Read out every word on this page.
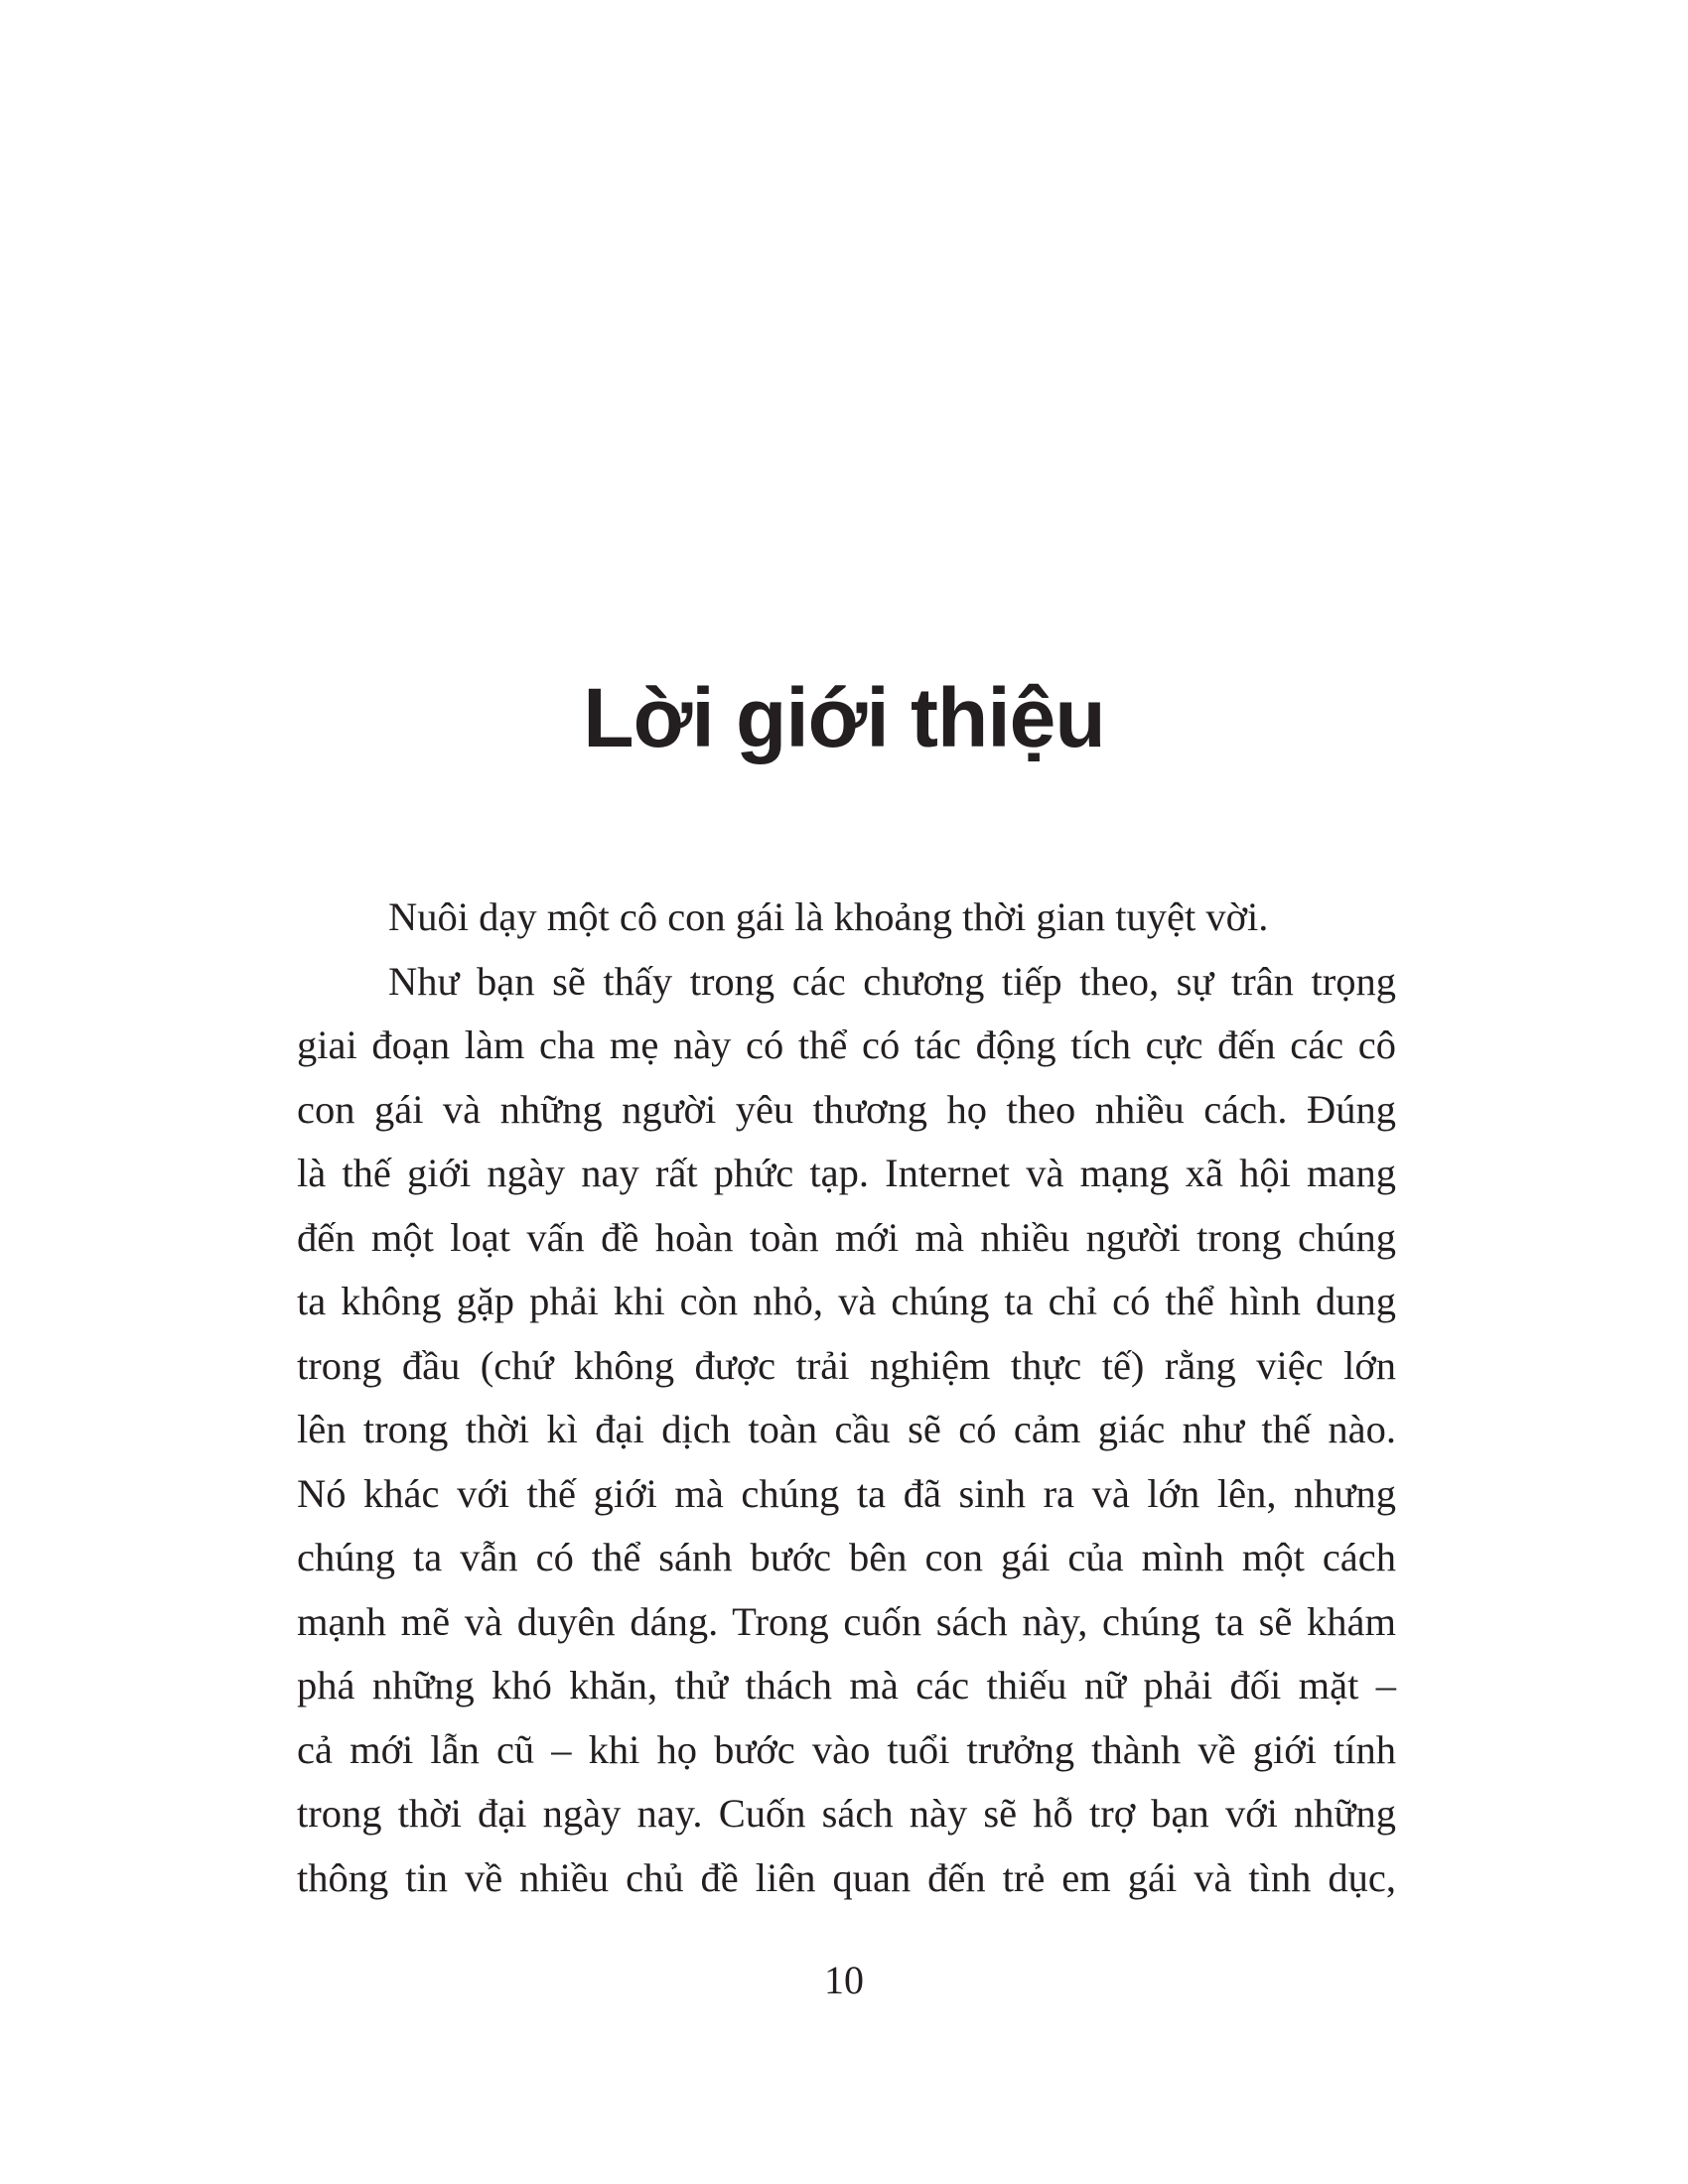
Lời giới thiệu
Nuôi dạy một cô con gái là khoảng thời gian tuyệt vời.
Như bạn sẽ thấy trong các chương tiếp theo, sự trân trọng
giai đoạn làm cha mẹ này có thể có tác động tích cực đến các cô
con gái và những người yêu thương họ theo nhiều cách. Đúng
là thế giới ngày nay rất phức tạp. Internet và mạng xã hội mang
đến một loạt vấn đề hoàn toàn mới mà nhiều người trong chúng
ta không gặp phải khi còn nhỏ, và chúng ta chỉ có thể hình dung
trong đầu (chứ không được trải nghiệm thực tế) rằng việc lớn
lên trong thời kì đại dịch toàn cầu sẽ có cảm giác như thế nào.
Nó khác với thế giới mà chúng ta đã sinh ra và lớn lên, nhưng
chúng ta vẫn có thể sánh bước bên con gái của mình một cách
mạnh mẽ và duyên dáng. Trong cuốn sách này, chúng ta sẽ khám
phá những khó khăn, thử thách mà các thiếu nữ phải đối mặt –
cả mới lẫn cũ – khi họ bước vào tuổi trưởng thành về giới tính
trong thời đại ngày nay. Cuốn sách này sẽ hỗ trợ bạn với những
thông tin về nhiều chủ đề liên quan đến trẻ em gái và tình dục,
10
